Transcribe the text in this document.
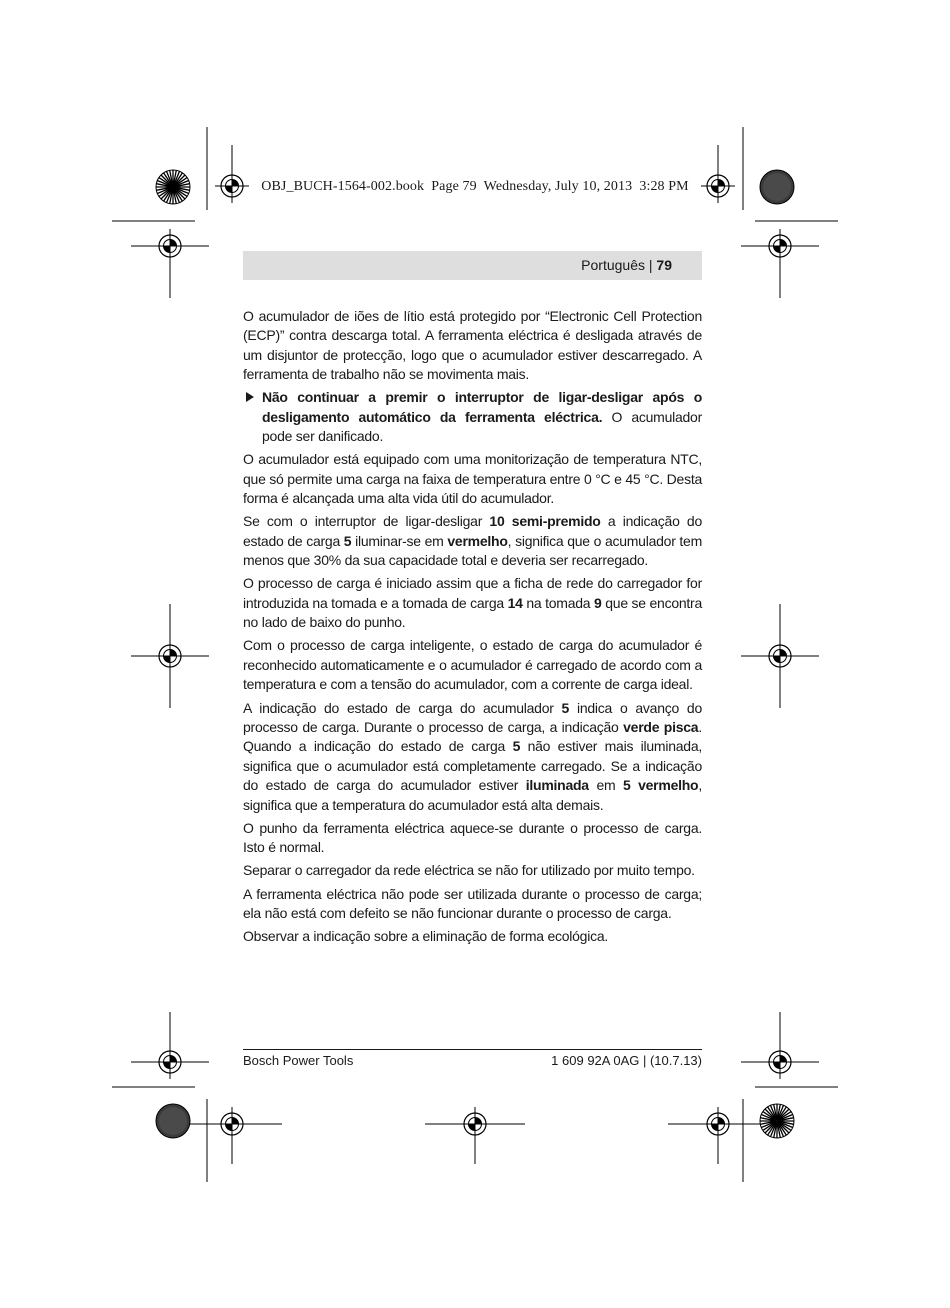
OBJ_BUCH-1564-002.book  Page 79  Wednesday, July 10, 2013  3:28 PM
Português | 79

O acumulador de iões de lítio está protegido por “Electronic Cell Protection (ECP)” contra descarga total. A ferramenta eléctrica é desligada através de um disjuntor de protecção, logo que o acumulador estiver descarregado. A ferramenta de trabalho não se movimenta mais.

Não continuar a premir o interruptor de ligar-desligar após o desligamento automático da ferramenta eléctrica. O acumulador pode ser danificado.

O acumulador está equipado com uma monitorização de temperatura NTC, que só permite uma carga na faixa de temperatura entre 0 °C e 45 °C. Desta forma é alcançada uma alta vida útil do acumulador.

Se com o interruptor de ligar-desligar 10 semi-premido a indicação do estado de carga 5 iluminar-se em vermelho, significa que o acumulador tem menos que 30% da sua capacidade total e deveria ser recarregado.

O processo de carga é iniciado assim que a ficha de rede do carregador for introduzida na tomada e a tomada de carga 14 na tomada 9 que se encontra no lado de baixo do punho.

Com o processo de carga inteligente, o estado de carga do acumulador é reconhecido automaticamente e o acumulador é carregado de acordo com a temperatura e com a tensão do acumulador, com a corrente de carga ideal.

A indicação do estado de carga do acumulador 5 indica o avanço do processo de carga. Durante o processo de carga, a indicação verde pisca. Quando a indicação do estado de carga 5 não estiver mais iluminada, significa que o acumulador está completamente carregado. Se a indicação do estado de carga do acumulador estiver iluminada em 5 vermelho, significa que a temperatura do acumulador está alta demais.

O punho da ferramenta eléctrica aquece-se durante o processo de carga. Isto é normal.

Separar o carregador da rede eléctrica se não for utilizado por muito tempo.

A ferramenta eléctrica não pode ser utilizada durante o processo de carga; ela não está com defeito se não funcionar durante o processo de carga.

Observar a indicação sobre a eliminação de forma ecológica.

Bosch Power Tools	1 609 92A 0AG | (10.7.13)
